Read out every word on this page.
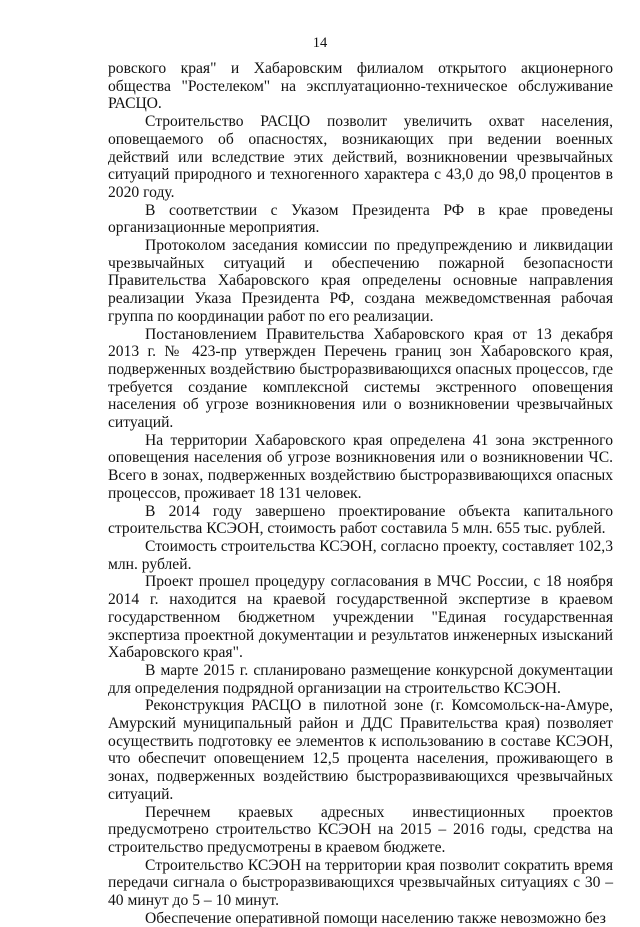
14

ровского края" и Хабаровским филиалом открытого акционерного общества "Ростелеком" на эксплуатационно-техническое обслуживание РАСЦО.

Строительство РАСЦО позволит увеличить охват населения, оповещаемого об опасностях, возникающих при ведении военных действий или вследствие этих действий, возникновении чрезвычайных ситуаций природного и техногенного характера с 43,0 до 98,0 процентов в 2020 году.

В соответствии с Указом Президента РФ в крае проведены организационные мероприятия.

Протоколом заседания комиссии по предупреждению и ликвидации чрезвычайных ситуаций и обеспечению пожарной безопасности Правительства Хабаровского края определены основные направления реализации Указа Президента РФ, создана межведомственная рабочая группа по координации работ по его реализации.

Постановлением Правительства Хабаровского края от 13 декабря 2013 г. № 423-пр утвержден Перечень границ зон Хабаровского края, подверженных воздействию быстроразвивающихся опасных процессов, где требуется создание комплексной системы экстренного оповещения населения об угрозе возникновения или о возникновении чрезвычайных ситуаций.

На территории Хабаровского края определена 41 зона экстренного оповещения населения об угрозе возникновения или о возникновении ЧС. Всего в зонах, подверженных воздействию быстроразвивающихся опасных процессов, проживает 18 131 человек.

В 2014 году завершено проектирование объекта капитального строительства КСЭОН, стоимость работ составила 5 млн. 655 тыс. рублей.

Стоимость строительства КСЭОН, согласно проекту, составляет 102,3 млн. рублей.

Проект прошел процедуру согласования в МЧС России, с 18 ноября 2014 г. находится на краевой государственной экспертизе в краевом государственном бюджетном учреждении "Единая государственная экспертиза проектной документации и результатов инженерных изысканий Хабаровского края".

В марте 2015 г. спланировано размещение конкурсной документации для определения подрядной организации на строительство КСЭОН.

Реконструкция РАСЦО в пилотной зоне (г. Комсомольск-на-Амуре, Амурский муниципальный район и ДДС Правительства края) позволяет осуществить подготовку ее элементов к использованию в составе КСЭОН, что обеспечит оповещением 12,5 процента населения, проживающего в зонах, подверженных воздействию быстроразвивающихся чрезвычайных ситуаций.

Перечнем краевых адресных инвестиционных проектов предусмотрено строительство КСЭОН на 2015 – 2016 годы, средства на строительство предусмотрены в краевом бюджете.

Строительство КСЭОН на территории края позволит сократить время передачи сигнала о быстроразвивающихся чрезвычайных ситуациях с 30 – 40 минут до 5 – 10 минут.

Обеспечение оперативной помощи населению также невозможно без
